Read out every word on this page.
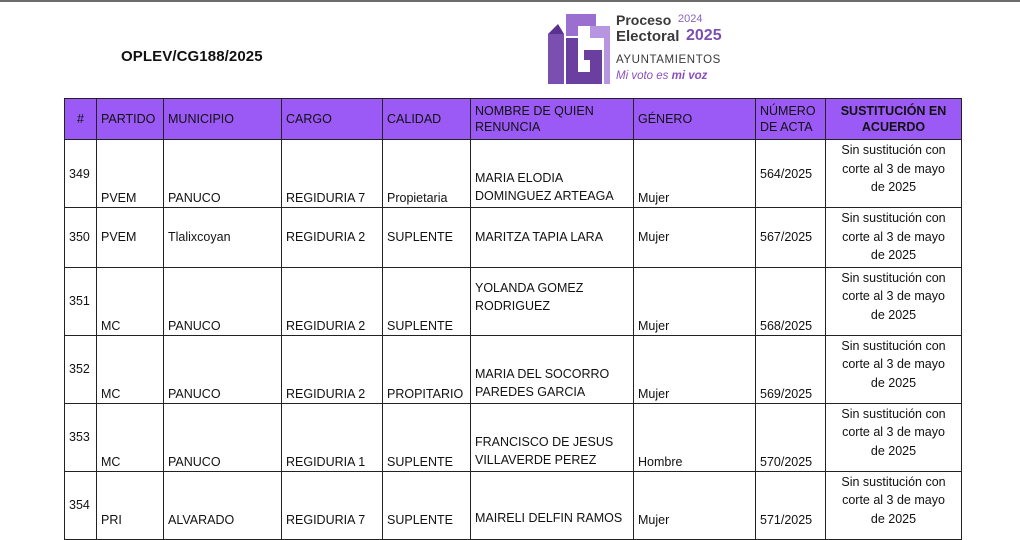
OPLEV/CG188/2025
Proceso 2024
Electoral 2025
AYUNTAMIENTOS
Mi voto es mi voz
#	PARTIDO	MUNICIPIO	CARGO	CALIDAD	NOMBRE DE QUIEN
RENUNCIA	GÉNERO	NÚMERO
DE ACTA	SUSTITUCIÓN EN
ACUERDO

349	PVEM	PANUCO	REGIDURIA 7	Propietaria	MARIA ELODIA
DOMINGUEZ ARTEAGA	Mujer	564/2025	Sin sustitución con
corte al 3 de mayo
de 2025

350	PVEM	Tlalixcoyan	REGIDURIA 2	SUPLENTE	MARITZA TAPIA LARA	Mujer	567/2025	Sin sustitución con
corte al 3 de mayo
de 2025

351	MC	PANUCO	REGIDURIA 2	SUPLENTE	YOLANDA GOMEZ
RODRIGUEZ	Mujer	568/2025	Sin sustitución con
corte al 3 de mayo
de 2025

352	MC	PANUCO	REGIDURIA 2	PROPITARIO	MARIA DEL SOCORRO
PAREDES GARCIA	Mujer	569/2025	Sin sustitución con
corte al 3 de mayo
de 2025

353	MC	PANUCO	REGIDURIA 1	SUPLENTE	FRANCISCO DE JESUS
VILLAVERDE PEREZ	Hombre	570/2025	Sin sustitución con
corte al 3 de mayo
de 2025

354	PRI	ALVARADO	REGIDURIA 7	SUPLENTE	MAIRELI DELFIN RAMOS	Mujer	571/2025	Sin sustitución con
corte al 3 de mayo
de 2025
